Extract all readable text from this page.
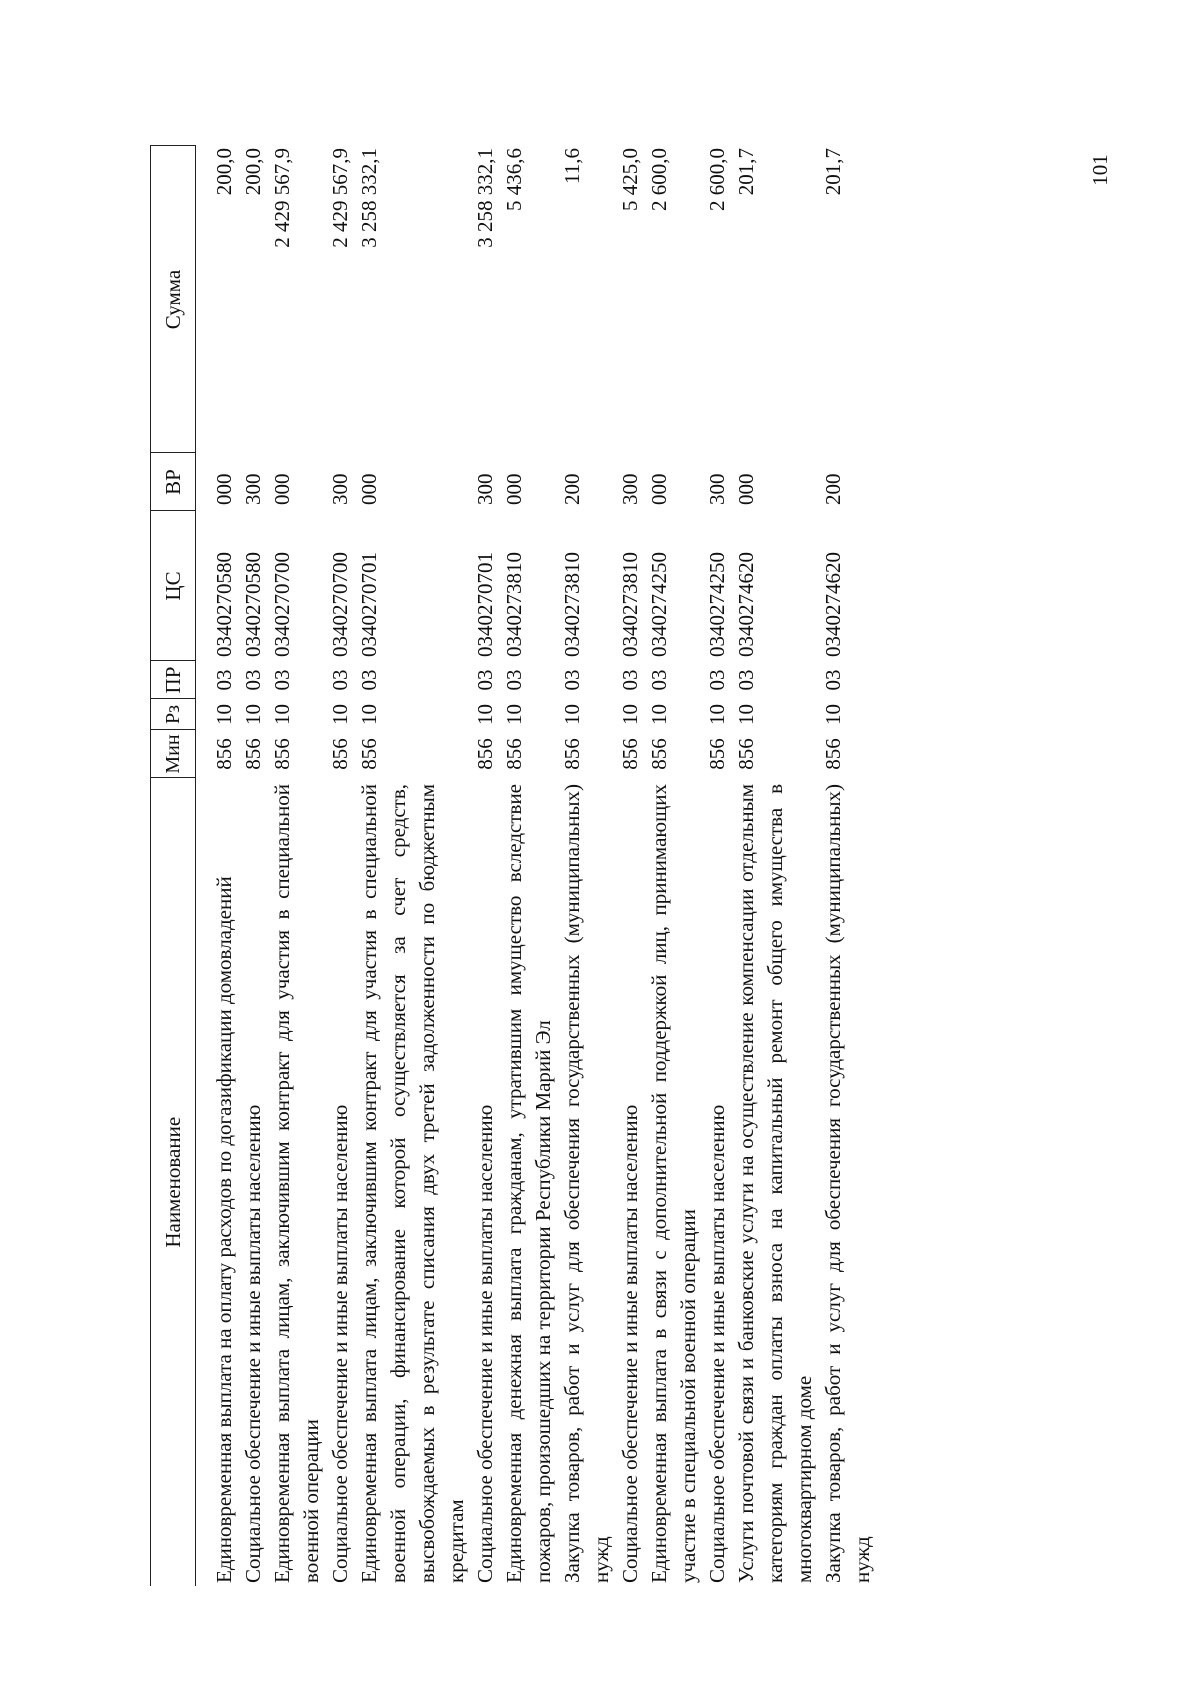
101
Наименование	Мин	Рз	ПР	ЦС	ВР	Сумма

Единовременная выплата на оплату расходов по догазификации домовладений	856	10	03	0340270580	000	200,0
Социальное обеспечение и иные выплаты населению	856	10	03	0340270580	300	200,0
Единовременная выплата лицам, заключившим контракт для участия в специальной военной операции	856	10	03	0340270700	000	2 429 567,9
Социальное обеспечение и иные выплаты населению	856	10	03	0340270700	300	2 429 567,9
Единовременная выплата лицам, заключившим контракт для участия в специальной военной операции, финансирование которой осуществляется за счет средств, высвобождаемых в результате списания двух третей задолженности по бюджетным кредитам	856	10	03	0340270701	000	3 258 332,1
Социальное обеспечение и иные выплаты населению	856	10	03	0340270701	300	3 258 332,1
Единовременная денежная выплата гражданам, утратившим имущество вследствие пожаров, произошедших на территории Республики Марий Эл	856	10	03	0340273810	000	5 436,6
Закупка товаров, работ и услуг для обеспечения государственных (муниципальных) нужд	856	10	03	0340273810	200	11,6
Социальное обеспечение и иные выплаты населению	856	10	03	0340273810	300	5 425,0
Единовременная выплата в связи с дополнительной поддержкой лиц, принимающих участие в специальной военной операции	856	10	03	0340274250	000	2 600,0
Социальное обеспечение и иные выплаты населению	856	10	03	0340274250	300	2 600,0
Услуги почтовой связи и банковские услуги на осуществление компенсации отдельным категориям граждан оплаты взноса на капитальный ремонт общего имущества в многоквартирном доме	856	10	03	0340274620	000	201,7
Закупка товаров, работ и услуг для обеспечения государственных (муниципальных) нужд	856	10	03	0340274620	200	201,7
